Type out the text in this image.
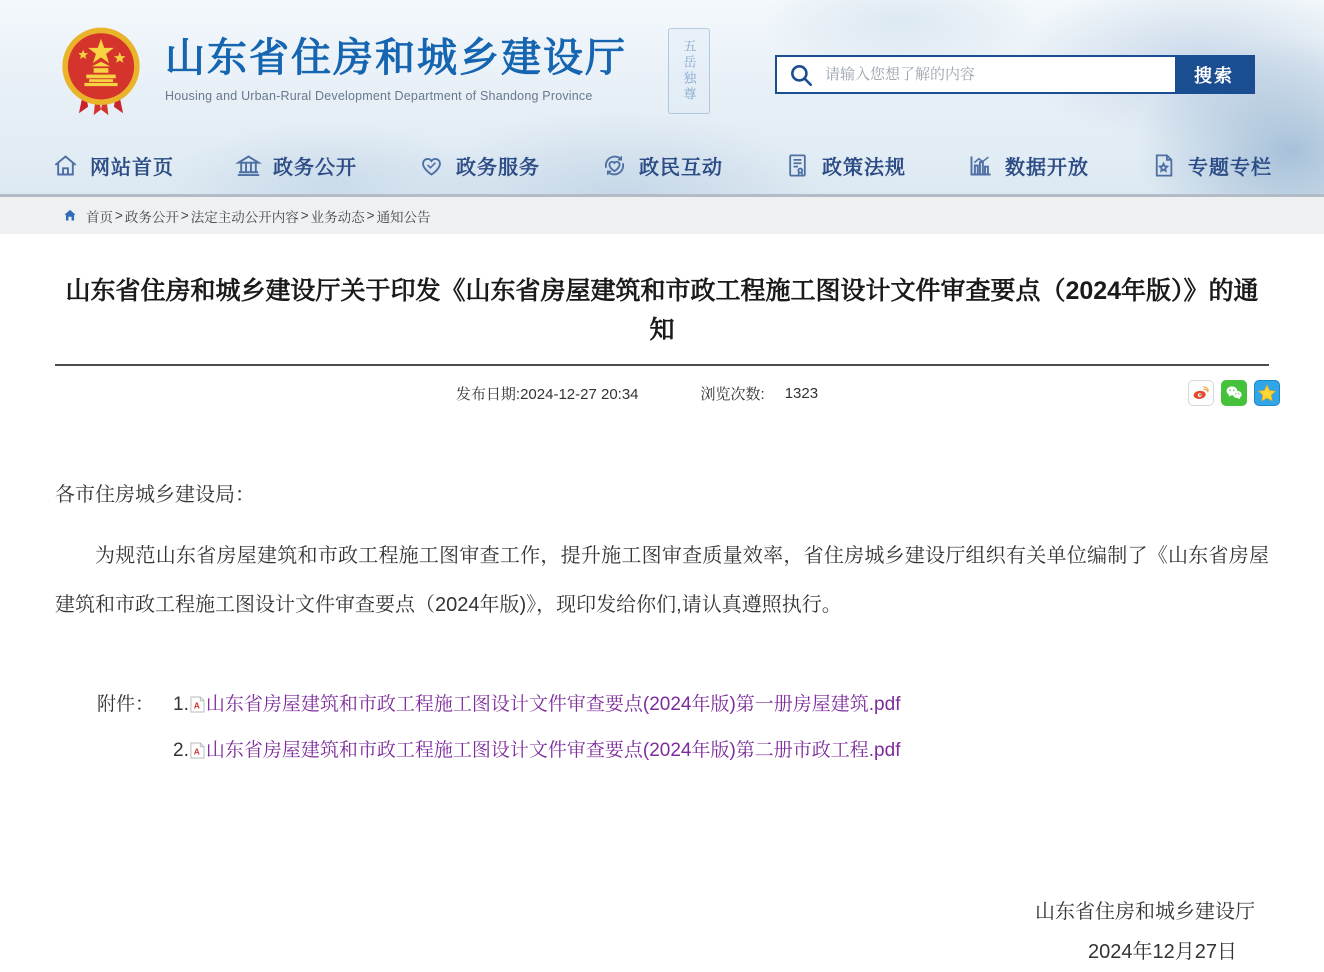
山东省住房和城乡建设厅
Housing and Urban-Rural Development Department of Shandong Province	五岳独尊
请输入您想了解的内容	搜索
网站首页	政务公开	政务服务	政民互动	政策法规	数据开放	专题专栏
首页 > 政务公开 > 法定主动公开内容 > 业务动态 > 通知公告
山东省住房和城乡建设厅关于印发《山东省房屋建筑和市政工程施工图设计文件审查要点（2024年版）》的通知
发布日期:2024-12-27 20:34	浏览次数: 1323

各市住房城乡建设局：

为规范山东省房屋建筑和市政工程施工图审查工作，提升施工图审查质量效率，省住房城乡建设厅组织有关单位编制了《山东省房屋建筑和市政工程施工图设计文件审查要点（2024年版)》，现印发给你们,请认真遵照执行。

附件： 1. A 山东省房屋建筑和市政工程施工图设计文件审查要点(2024年版)第一册房屋建筑.pdf
2. A 山东省房屋建筑和市政工程施工图设计文件审查要点(2024年版)第二册市政工程.pdf
山东省住房和城乡建设厅
2024年12月27日
